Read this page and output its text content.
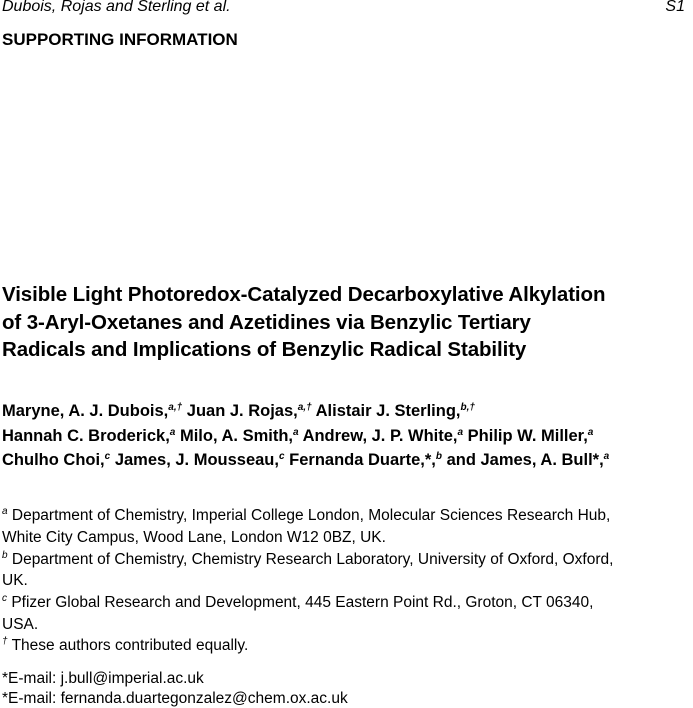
Dubois, Rojas and Sterling et al.	S1
SUPPORTING INFORMATION
Visible Light Photoredox-Catalyzed Decarboxylative Alkylation
of 3-Aryl-Oxetanes and Azetidines via Benzylic Tertiary
Radicals and Implications of Benzylic Radical Stability
Maryne, A. J. Dubois,$^{a,\dagger}$ Juan J. Rojas,$^{a,\dagger}$ Alistair J. Sterling,$^{b,\dagger}$
Hannah C. Broderick,$^a$ Milo, A. Smith,$^a$ Andrew, J. P. White,$^a$ Philip W. Miller,$^a$
Chulho Choi,$^c$ James, J. Mousseau,$^c$ Fernanda Duarte,*,$^b$ and James, A. Bull*,$^a$
$^a$ Department of Chemistry, Imperial College London, Molecular Sciences Research Hub,
White City Campus, Wood Lane, London W12 0BZ, UK.
$^b$ Department of Chemistry, Chemistry Research Laboratory, University of Oxford, Oxford,
UK.
$^c$ Pfizer Global Research and Development, 445 Eastern Point Rd., Groton, CT 06340,
USA.
† These authors contributed equally.
*E-mail: j.bull@imperial.ac.uk
*E-mail: fernanda.duartegonzalez@chem.ox.ac.uk
